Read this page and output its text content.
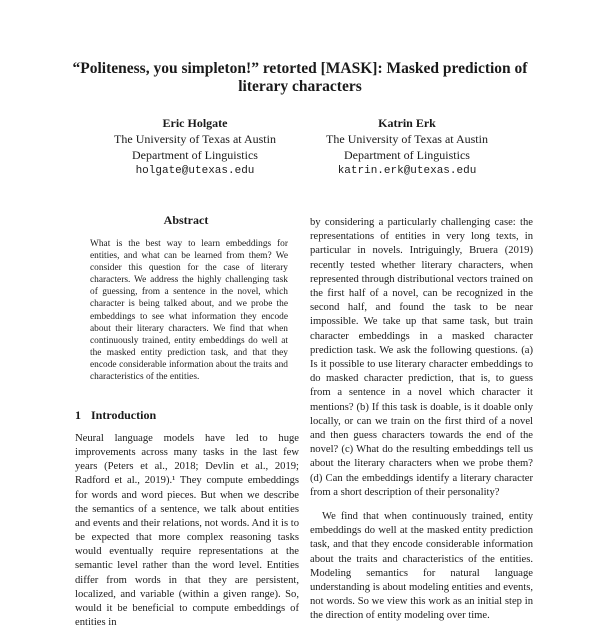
“Politeness, you simpleton!” retorted [MASK]: Masked prediction of
literary characters
Eric Holgate
The University of Texas at Austin
Department of Linguistics
holgate@utexas.edu
Katrin Erk
The University of Texas at Austin
Department of Linguistics
katrin.erk@utexas.edu
Abstract

What is the best way to learn embeddings for entities, and what can be learned from them? We consider this question for the case of literary characters. We address the highly challenging task of guessing, from a sentence in the novel, which character is being talked about, and we probe the embeddings to see what information they encode about their literary characters. We find that when continuously trained, entity embeddings do well at the masked entity prediction task, and that they encode considerable information about the traits and characteristics of the entities.

1 Introduction

Neural language models have led to huge improvements across many tasks in the last few years (Peters et al., 2018; Devlin et al., 2019; Radford et al., 2019).¹ They compute embeddings for words and word pieces. But when we describe the semantics of a sentence, we talk about entities and events and their relations, not words. And it is to be expected that more complex reasoning tasks would eventually require representations at the semantic level rather than the word level. Entities differ from words in that they are persistent, localized, and variable (within a given range). So, would it be beneficial to compute embeddings of entities in

by considering a particularly challenging case: the representations of entities in very long texts, in particular in novels. Intriguingly, Bruera (2019) recently tested whether literary characters, when represented through distributional vectors trained on the first half of a novel, can be recognized in the second half, and found the task to be near impossible. We take up that same task, but train character embeddings in a masked character prediction task. We ask the following questions. (a) Is it possible to use literary character embeddings to do masked character prediction, that is, to guess from a sentence in a novel which character it mentions? (b) If this task is doable, is it doable only locally, or can we train on the first third of a novel and then guess characters towards the end of the novel? (c) What do the resulting embeddings tell us about the literary characters when we probe them? (d) Can the embeddings identify a literary character from a short description of their personality?

We find that when continuously trained, entity embeddings do well at the masked entity prediction task, and that they encode considerable information about the traits and characteristics of the entities. Modeling semantics for natural language understanding is about modeling entities and events, not words. So we view this work as an initial step in the direction of entity modeling over time.
